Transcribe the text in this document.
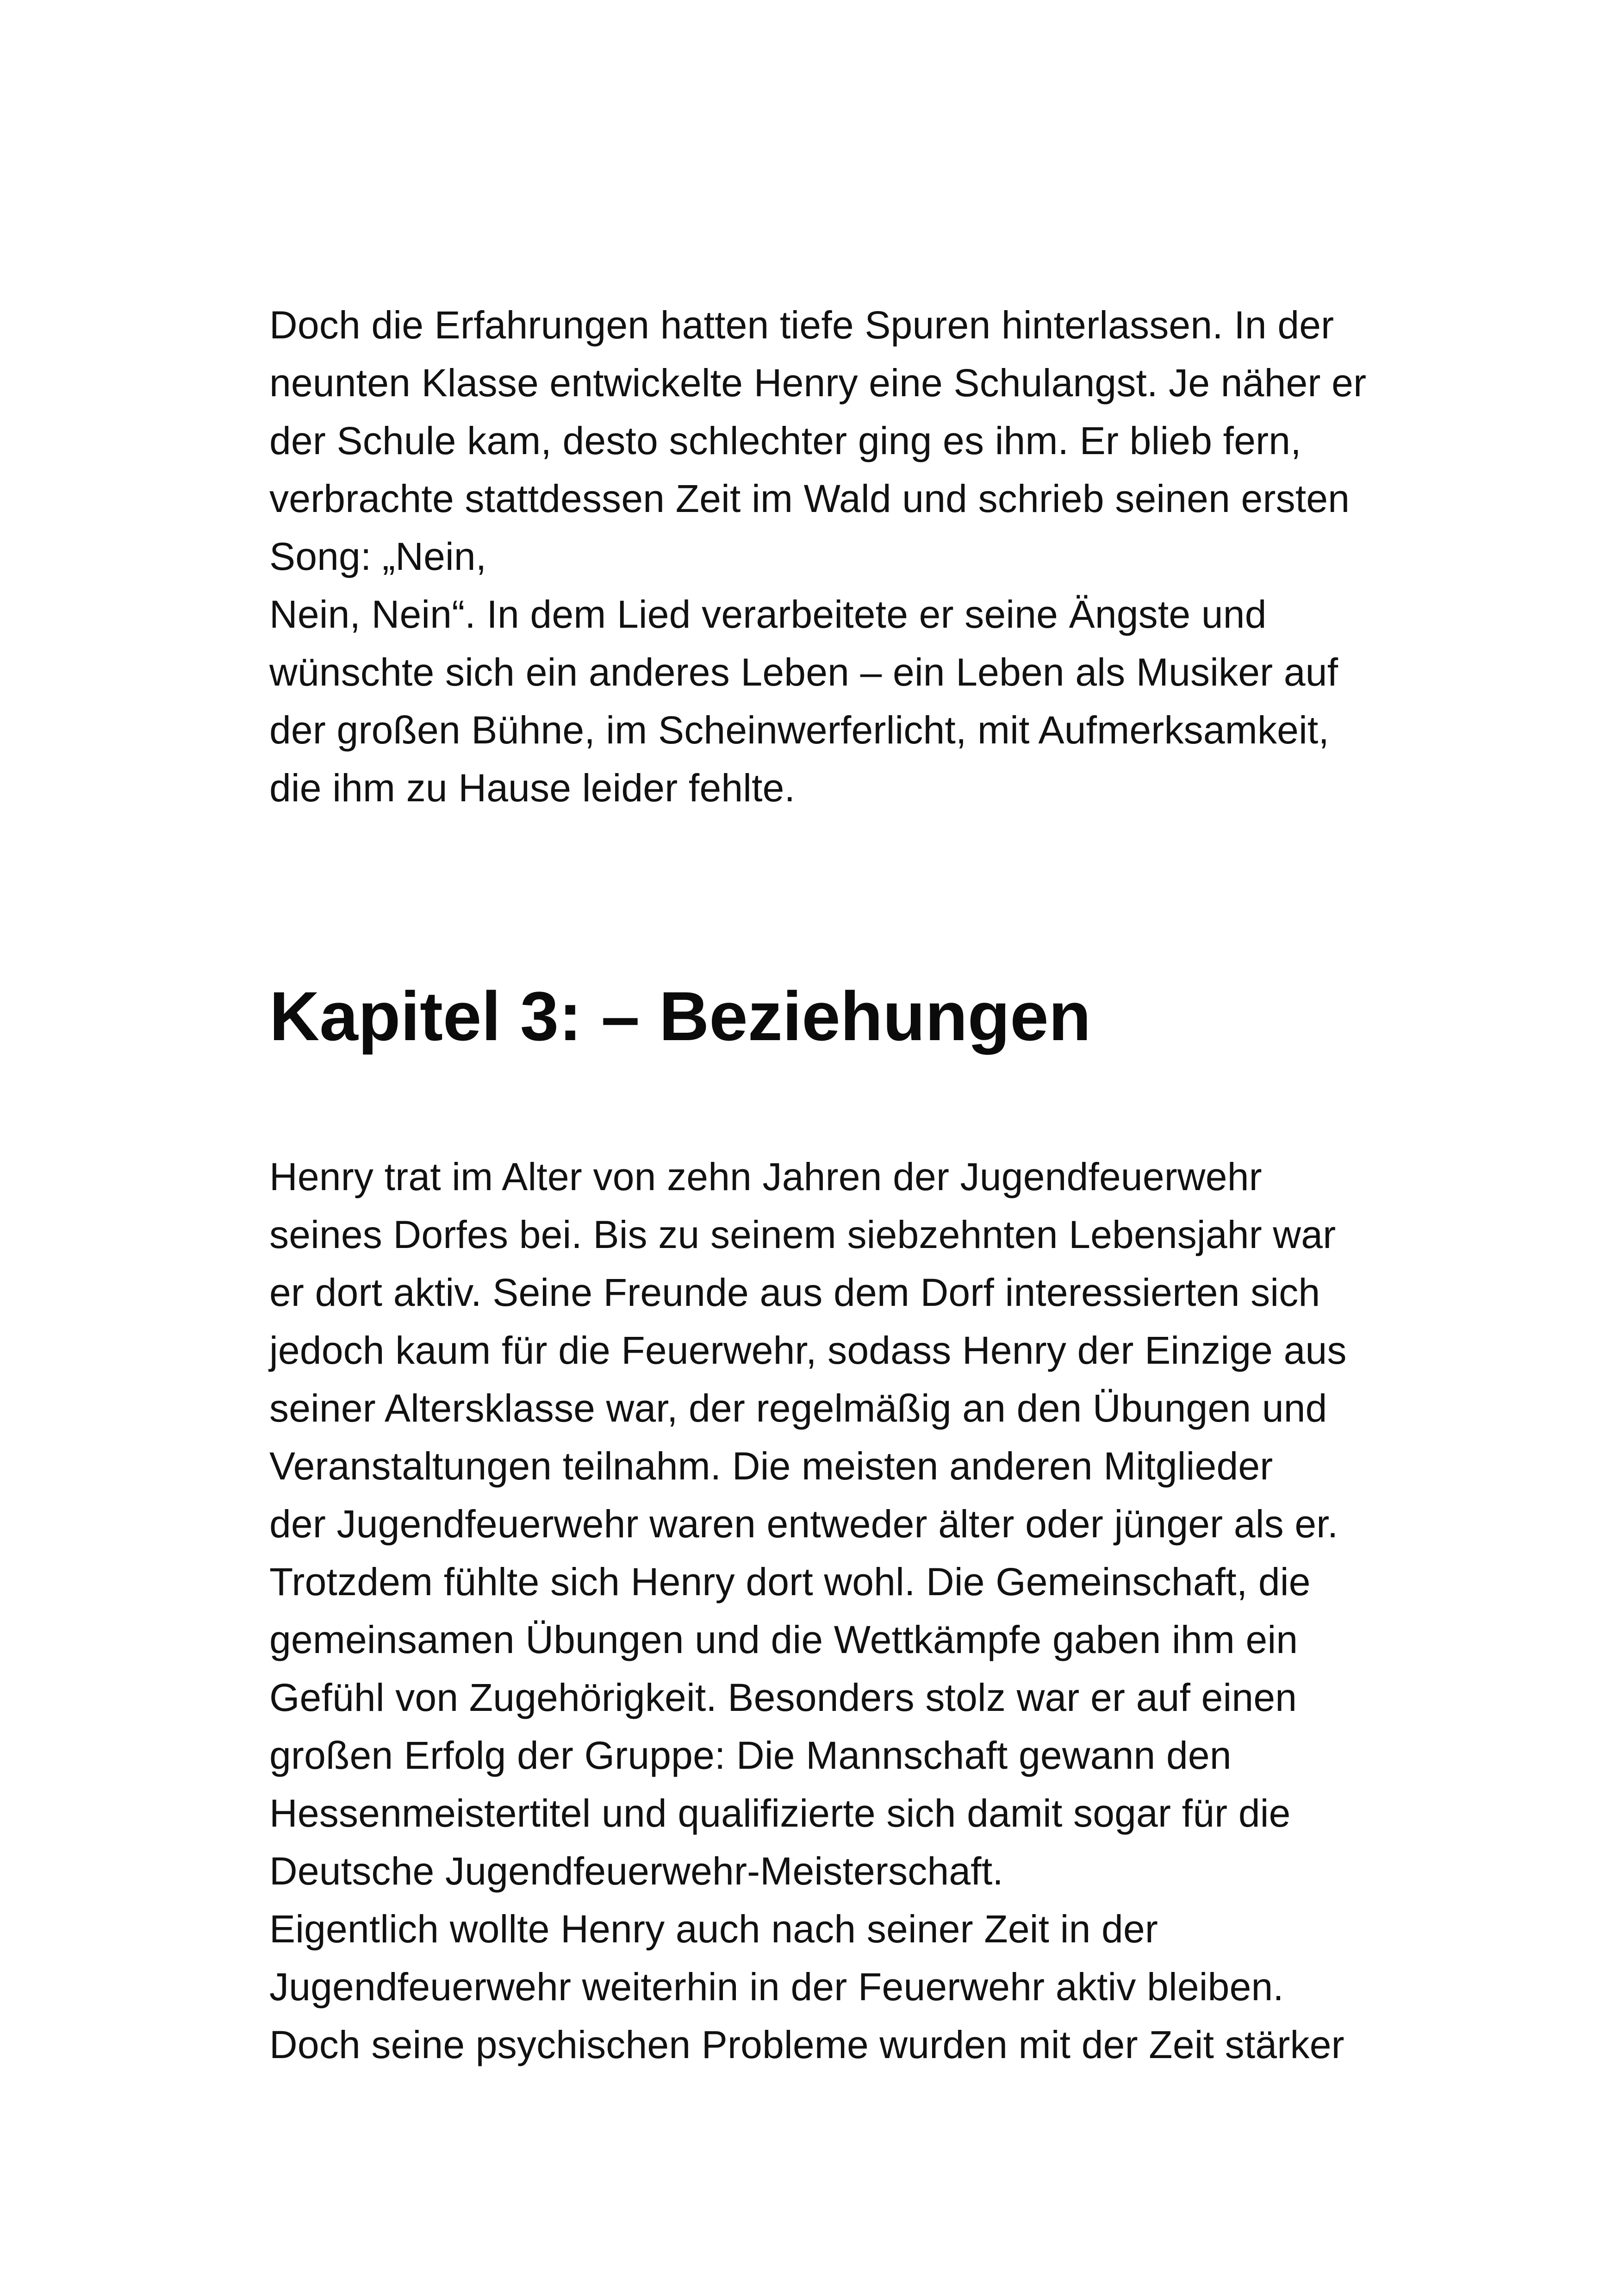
Doch die Erfahrungen hatten tiefe Spuren hinterlassen. In der
neunten Klasse entwickelte Henry eine Schulangst. Je näher er
der Schule kam, desto schlechter ging es ihm. Er blieb fern,
verbrachte stattdessen Zeit im Wald und schrieb seinen ersten
Song: „Nein,
Nein, Nein“. In dem Lied verarbeitete er seine Ängste und
wünschte sich ein anderes Leben – ein Leben als Musiker auf
der großen Bühne, im Scheinwerferlicht, mit Aufmerksamkeit,
die ihm zu Hause leider fehlte.
Kapitel 3: – Beziehungen
Henry trat im Alter von zehn Jahren der Jugendfeuerwehr
seines Dorfes bei. Bis zu seinem siebzehnten Lebensjahr war
er dort aktiv. Seine Freunde aus dem Dorf interessierten sich
jedoch kaum für die Feuerwehr, sodass Henry der Einzige aus
seiner Altersklasse war, der regelmäßig an den Übungen und
Veranstaltungen teilnahm. Die meisten anderen Mitglieder
der Jugendfeuerwehr waren entweder älter oder jünger als er.
Trotzdem fühlte sich Henry dort wohl. Die Gemeinschaft, die
gemeinsamen Übungen und die Wettkämpfe gaben ihm ein
Gefühl von Zugehörigkeit. Besonders stolz war er auf einen
großen Erfolg der Gruppe: Die Mannschaft gewann den
Hessenmeistertitel und qualifizierte sich damit sogar für die
Deutsche Jugendfeuerwehr-Meisterschaft.
Eigentlich wollte Henry auch nach seiner Zeit in der
Jugendfeuerwehr weiterhin in der Feuerwehr aktiv bleiben.
Doch seine psychischen Probleme wurden mit der Zeit stärker
